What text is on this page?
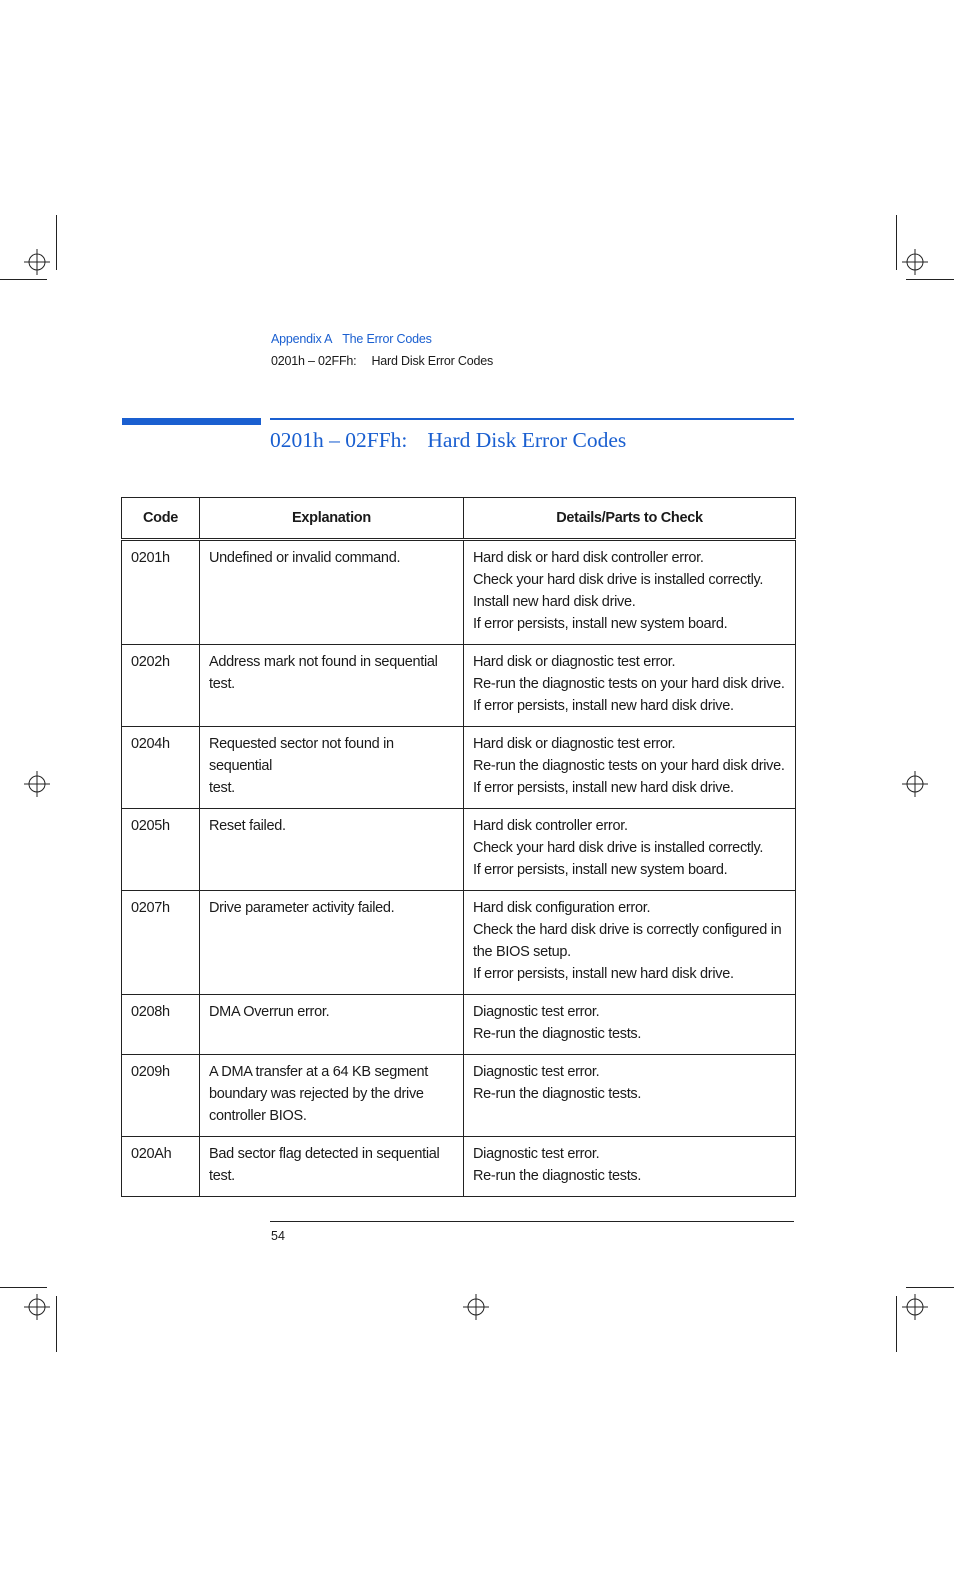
Appendix A The Error Codes
0201h – 02FFh: Hard Disk Error Codes
0201h – 02FFh: Hard Disk Error Codes
Code	Explanation	Details/Parts to Check
0201h	Undefined or invalid command.	Hard disk or hard disk controller error.
Check your hard disk drive is installed correctly.
Install new hard disk drive.
If error persists, install new system board.

0202h	Address mark not found in sequential
test.	Hard disk or diagnostic test error.
Re-run the diagnostic tests on your hard disk drive.
If error persists, install new hard disk drive.

0204h	Requested sector not found in sequential
test.	Hard disk or diagnostic test error.
Re-run the diagnostic tests on your hard disk drive.
If error persists, install new hard disk drive.

0205h	Reset failed.	Hard disk controller error.
Check your hard disk drive is installed correctly.
If error persists, install new system board.

0207h	Drive parameter activity failed.	Hard disk configuration error.
Check the hard disk drive is correctly configured in
the BIOS setup.
If error persists, install new hard disk drive.

0208h	DMA Overrun error.	Diagnostic test error.
Re-run the diagnostic tests.

0209h	A DMA transfer at a 64 KB segment
boundary was rejected by the drive
controller BIOS.	Diagnostic test error.
Re-run the diagnostic tests.

020Ah	Bad sector flag detected in sequential
test.	Diagnostic test error.
Re-run the diagnostic tests.
54
